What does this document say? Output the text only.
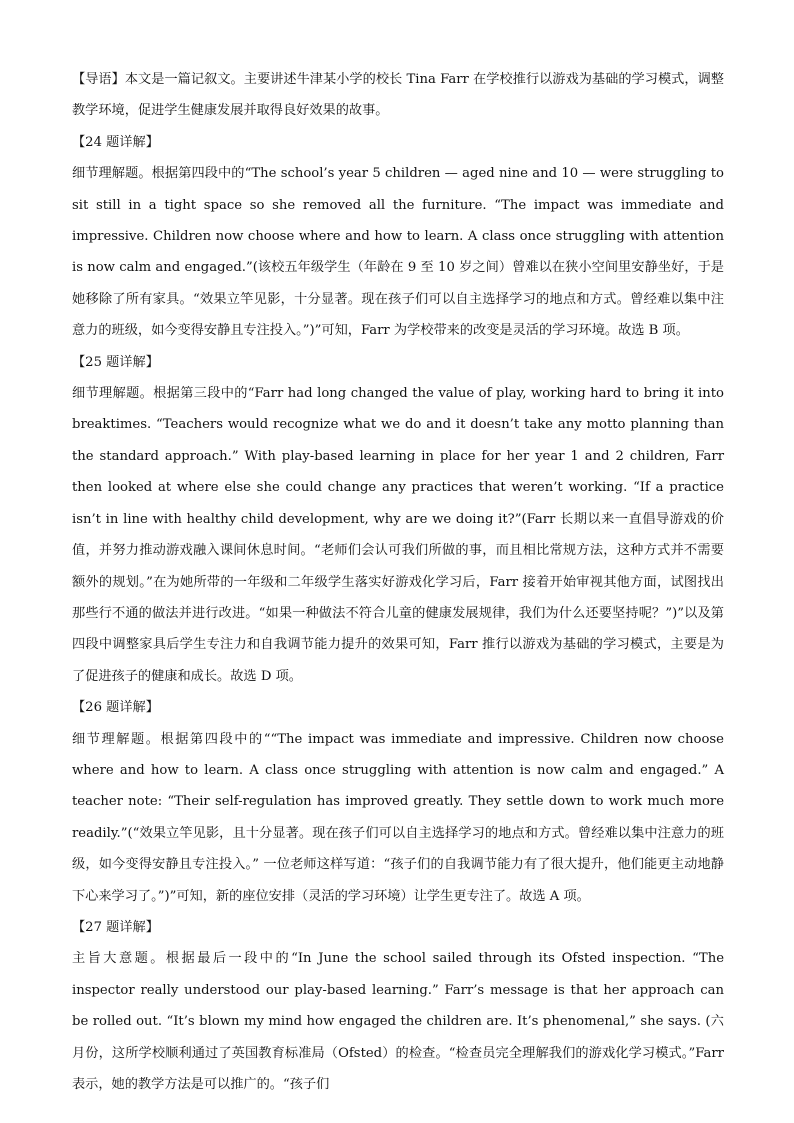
【导语】本文是一篇记叙文。主要讲述牛津某小学的校长 Tina Farr 在学校推行以游戏为基础的学习模式，调整教学环境，促进学生健康发展并取得良好效果的故事。

【24 题详解】

细节理解题。根据第四段中的“The school’s year 5 children — aged nine and 10 — were struggling to sit still in a tight space so she removed all the furniture. “The impact was immediate and impressive. Children now choose where and how to learn. A class once struggling with attention is now calm and engaged.”(该校五年级学生（年龄在 9 至 10 岁之间）曾难以在狭小空间里安静坐好，于是她移除了所有家具。“效果立竿见影，十分显著。现在孩子们可以自主选择学习的地点和方式。曾经难以集中注意力的班级，如今变得安静且专注投入。”)”可知，Farr 为学校带来的改变是灵活的学习环境。故选 B 项。

【25 题详解】

细节理解题。根据第三段中的“Farr had long changed the value of play, working hard to bring it into breaktimes. “Teachers would recognize what we do and it doesn’t take any motto planning than the standard approach.” With play-based learning in place for her year 1 and 2 children, Farr then looked at where else she could change any practices that weren’t working. “If a practice isn’t in line with healthy child development, why are we doing it?”(Farr 长期以来一直倡导游戏的价值，并努力推动游戏融入课间休息时间。“老师们会认可我们所做的事，而且相比常规方法，这种方式并不需要额外的规划。”在为她所带的一年级和二年级学生落实好游戏化学习后，Farr 接着开始审视其他方面，试图找出那些行不通的做法并进行改进。“如果一种做法不符合儿童的健康发展规律，我们为什么还要坚持呢？”)”以及第四段中调整家具后学生专注力和自我调节能力提升的效果可知，Farr 推行以游戏为基础的学习模式，主要是为了促进孩子的健康和成长。故选 D 项。

【26 题详解】

细节理解题。根据第四段中的““The impact was immediate and impressive. Children now choose where and how to learn. A class once struggling with attention is now calm and engaged.” A teacher note: “Their self-regulation has improved greatly. They settle down to work much more readily.”(“效果立竿见影，且十分显著。现在孩子们可以自主选择学习的地点和方式。曾经难以集中注意力的班级，如今变得安静且专注投入。” 一位老师这样写道：“孩子们的自我调节能力有了很大提升，他们能更主动地静下心来学习了。”)”可知，新的座位安排（灵活的学习环境）让学生更专注了。故选 A 项。

【27 题详解】

主旨大意题。根据最后一段中的“In June the school sailed through its Ofsted inspection. “The inspector really understood our play-based learning.” Farr’s message is that her approach can be rolled out. “It’s blown my mind how engaged the children are. It’s phenomenal,” she says. (六月份，这所学校顺利通过了英国教育标准局（Ofsted）的检查。“检查员完全理解我们的游戏化学习模式。”Farr 表示，她的教学方法是可以推广的。“孩子们
